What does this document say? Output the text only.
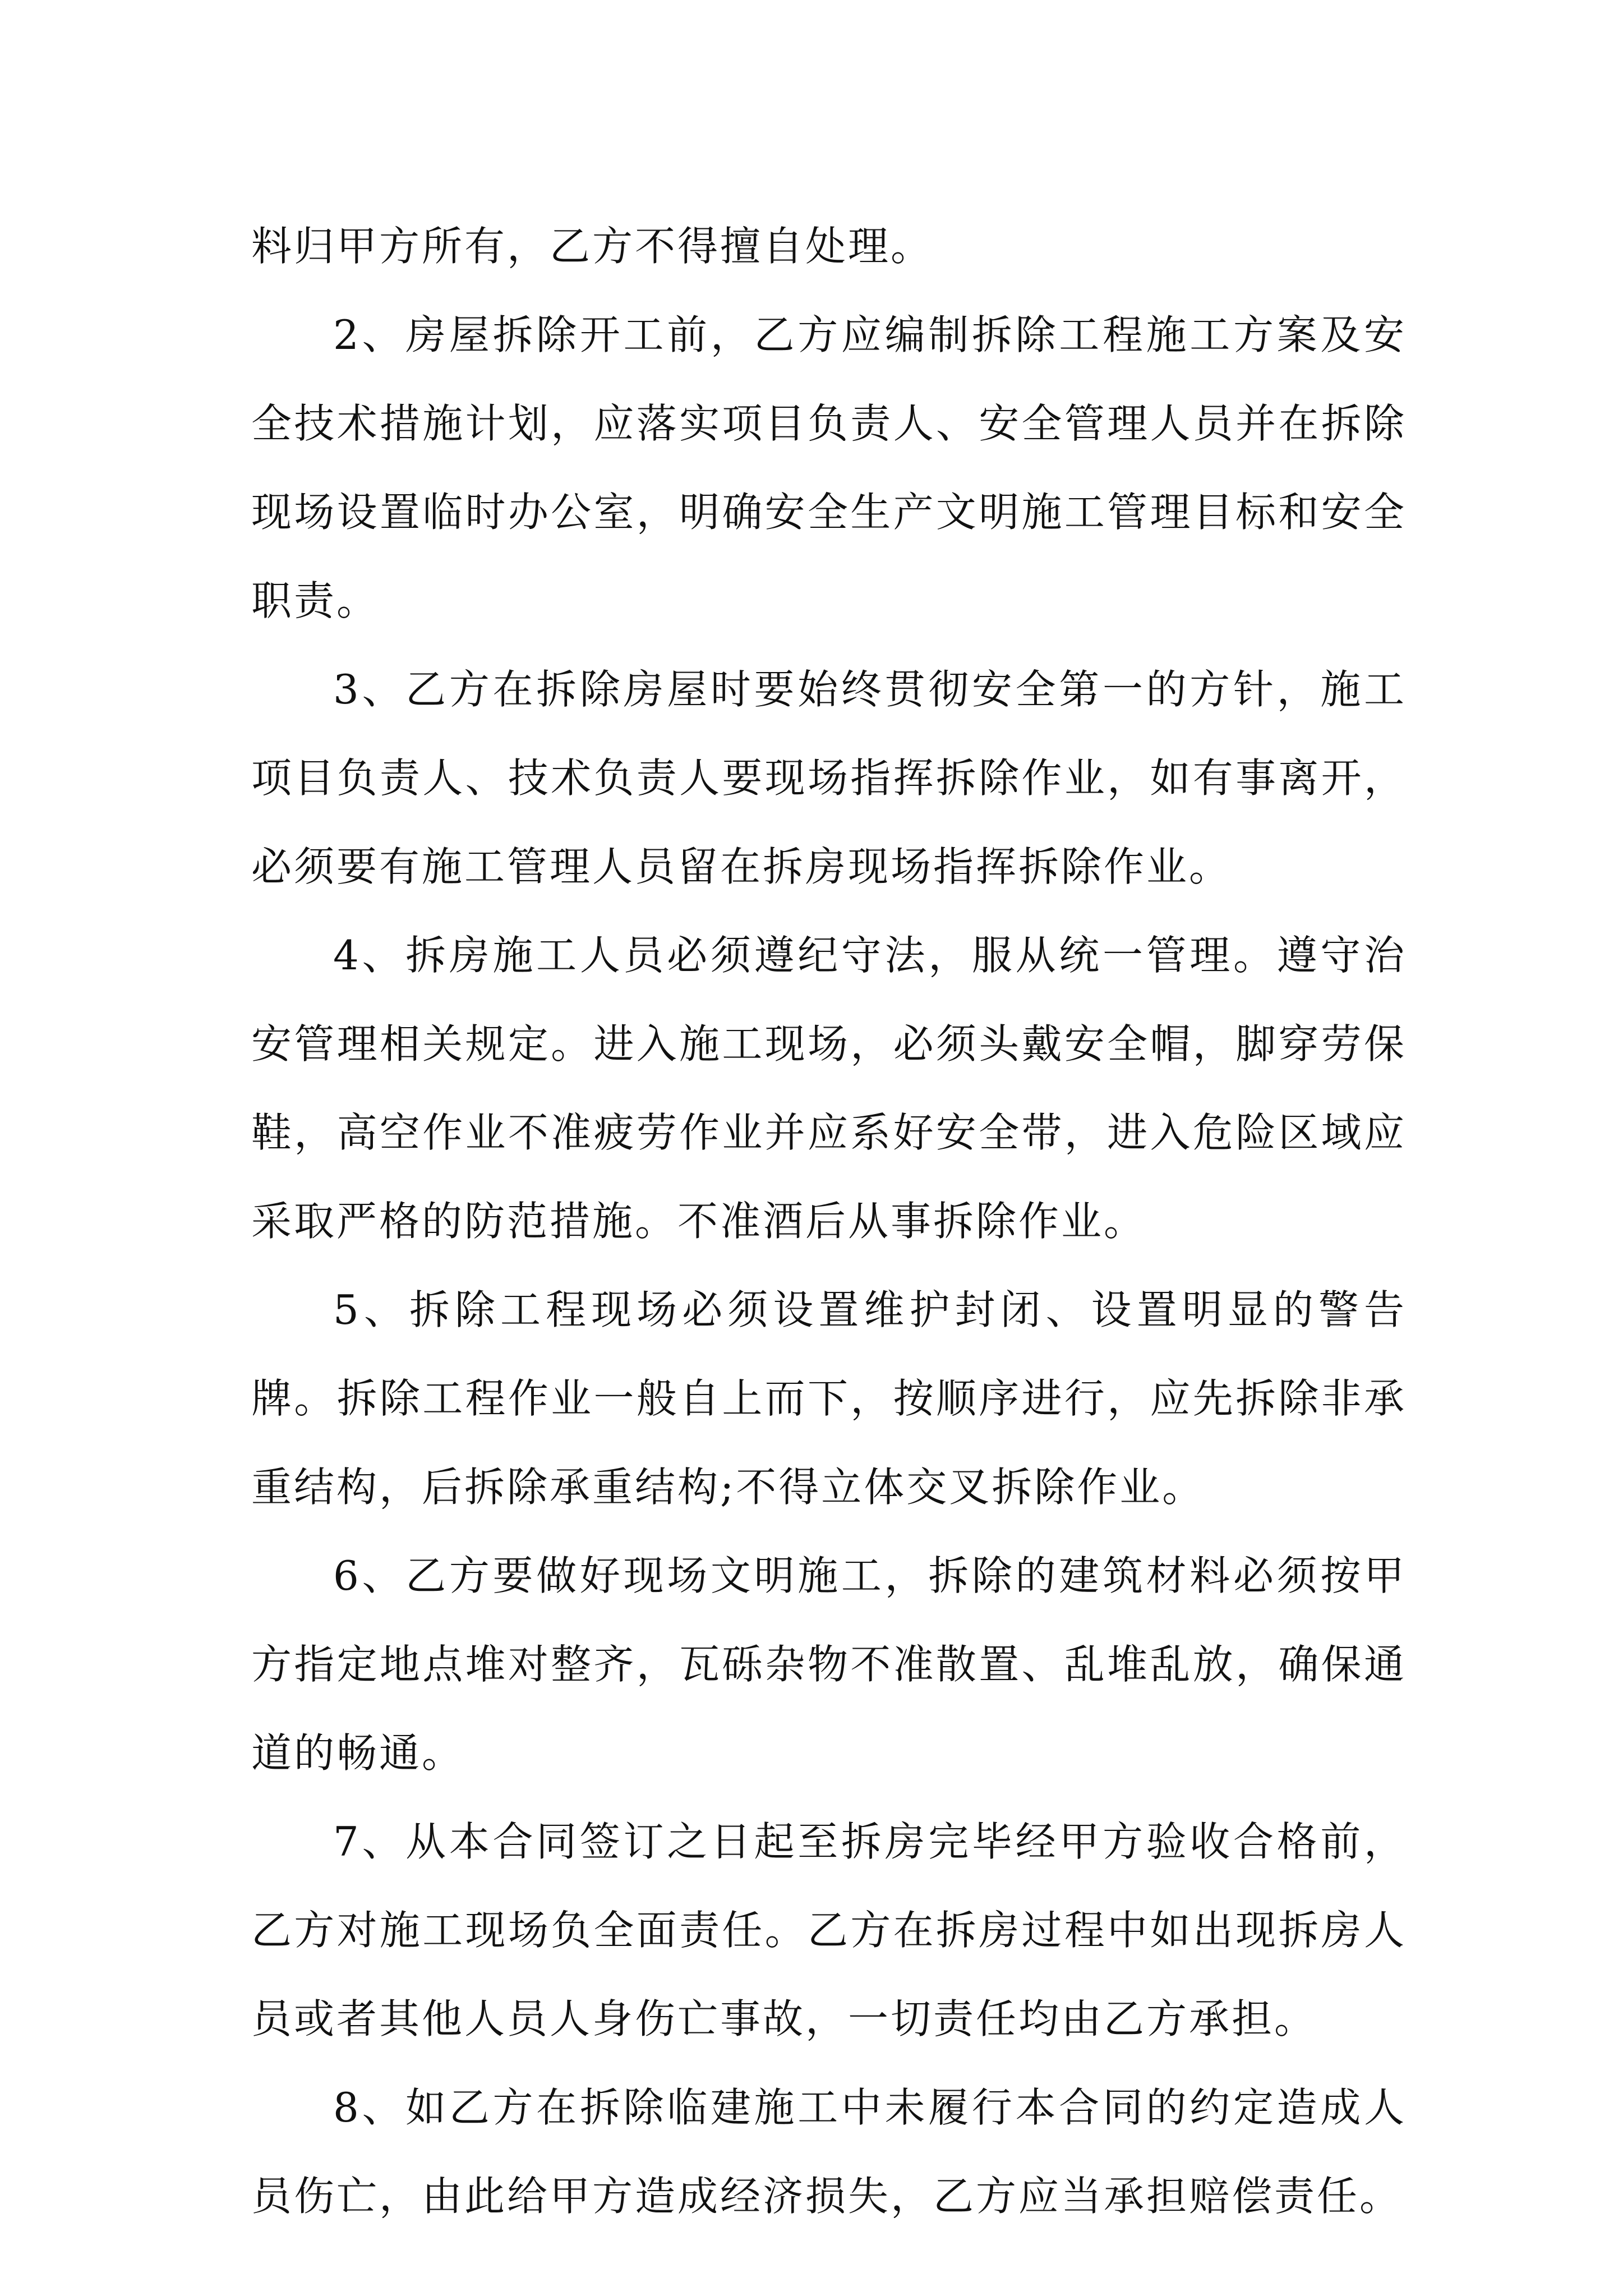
料归甲方所有，乙方不得擅自处理。

2、房屋拆除开工前，乙方应编制拆除工程施工方案及安全技术措施计划，应落实项目负责人、安全管理人员并在拆除现场设置临时办公室，明确安全生产文明施工管理目标和安全职责。

3、乙方在拆除房屋时要始终贯彻安全第一的方针，施工项目负责人、技术负责人要现场指挥拆除作业，如有事离开，必须要有施工管理人员留在拆房现场指挥拆除作业。

4、拆房施工人员必须遵纪守法，服从统一管理。遵守治安管理相关规定。进入施工现场，必须头戴安全帽，脚穿劳保鞋，高空作业不准疲劳作业并应系好安全带，进入危险区域应采取严格的防范措施。不准酒后从事拆除作业。

5、拆除工程现场必须设置维护封闭、设置明显的警告牌。拆除工程作业一般自上而下，按顺序进行，应先拆除非承重结构，后拆除承重结构;不得立体交叉拆除作业。

6、乙方要做好现场文明施工，拆除的建筑材料必须按甲方指定地点堆对整齐，瓦砾杂物不准散置、乱堆乱放，确保通道的畅通。

7、从本合同签订之日起至拆房完毕经甲方验收合格前，乙方对施工现场负全面责任。乙方在拆房过程中如出现拆房人员或者其他人员人身伤亡事故，一切责任均由乙方承担。

8、如乙方在拆除临建施工中未履行本合同的约定造成人员伤亡，由此给甲方造成经济损失，乙方应当承担赔偿责任。
